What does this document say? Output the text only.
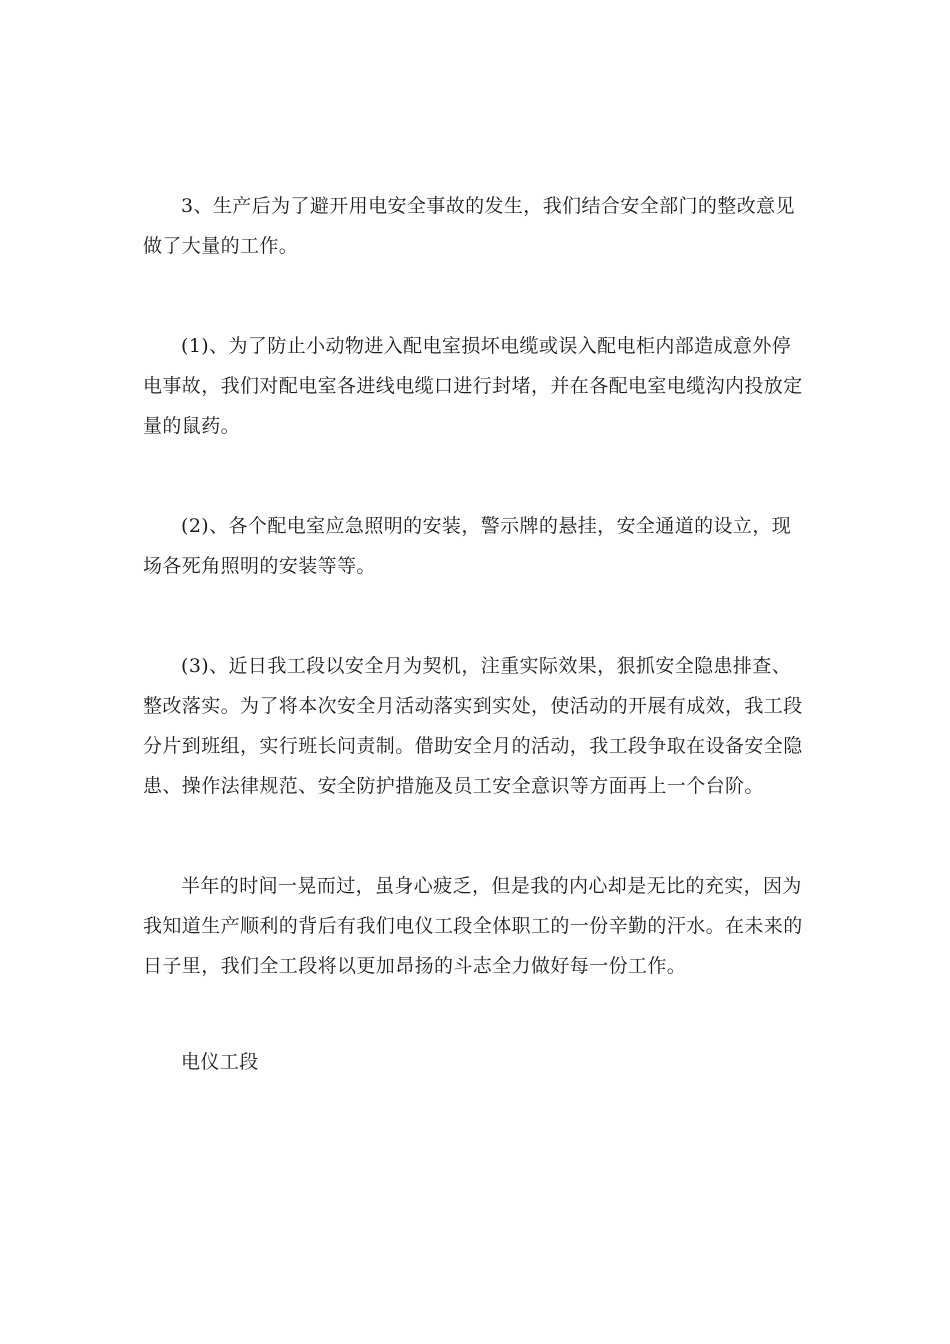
3、生产后为了避开用电安全事故的发生，我们结合安全部门的整改意见做了大量的工作。

(1)、为了防止小动物进入配电室损坏电缆或误入配电柜内部造成意外停电事故，我们对配电室各进线电缆口进行封堵，并在各配电室电缆沟内投放定量的鼠药。

(2)、各个配电室应急照明的安装，警示牌的悬挂，安全通道的设立，现场各死角照明的安装等等。

(3)、近日我工段以安全月为契机，注重实际效果，狠抓安全隐患排查、整改落实。为了将本次安全月活动落实到实处，使活动的开展有成效，我工段分片到班组，实行班长问责制。借助安全月的活动，我工段争取在设备安全隐患、操作法律规范、安全防护措施及员工安全意识等方面再上一个台阶。

半年的时间一晃而过，虽身心疲乏，但是我的内心却是无比的充实，因为我知道生产顺利的背后有我们电仪工段全体职工的一份辛勤的汗水。在未来的日子里，我们全工段将以更加昂扬的斗志全力做好每一份工作。

电仪工段
